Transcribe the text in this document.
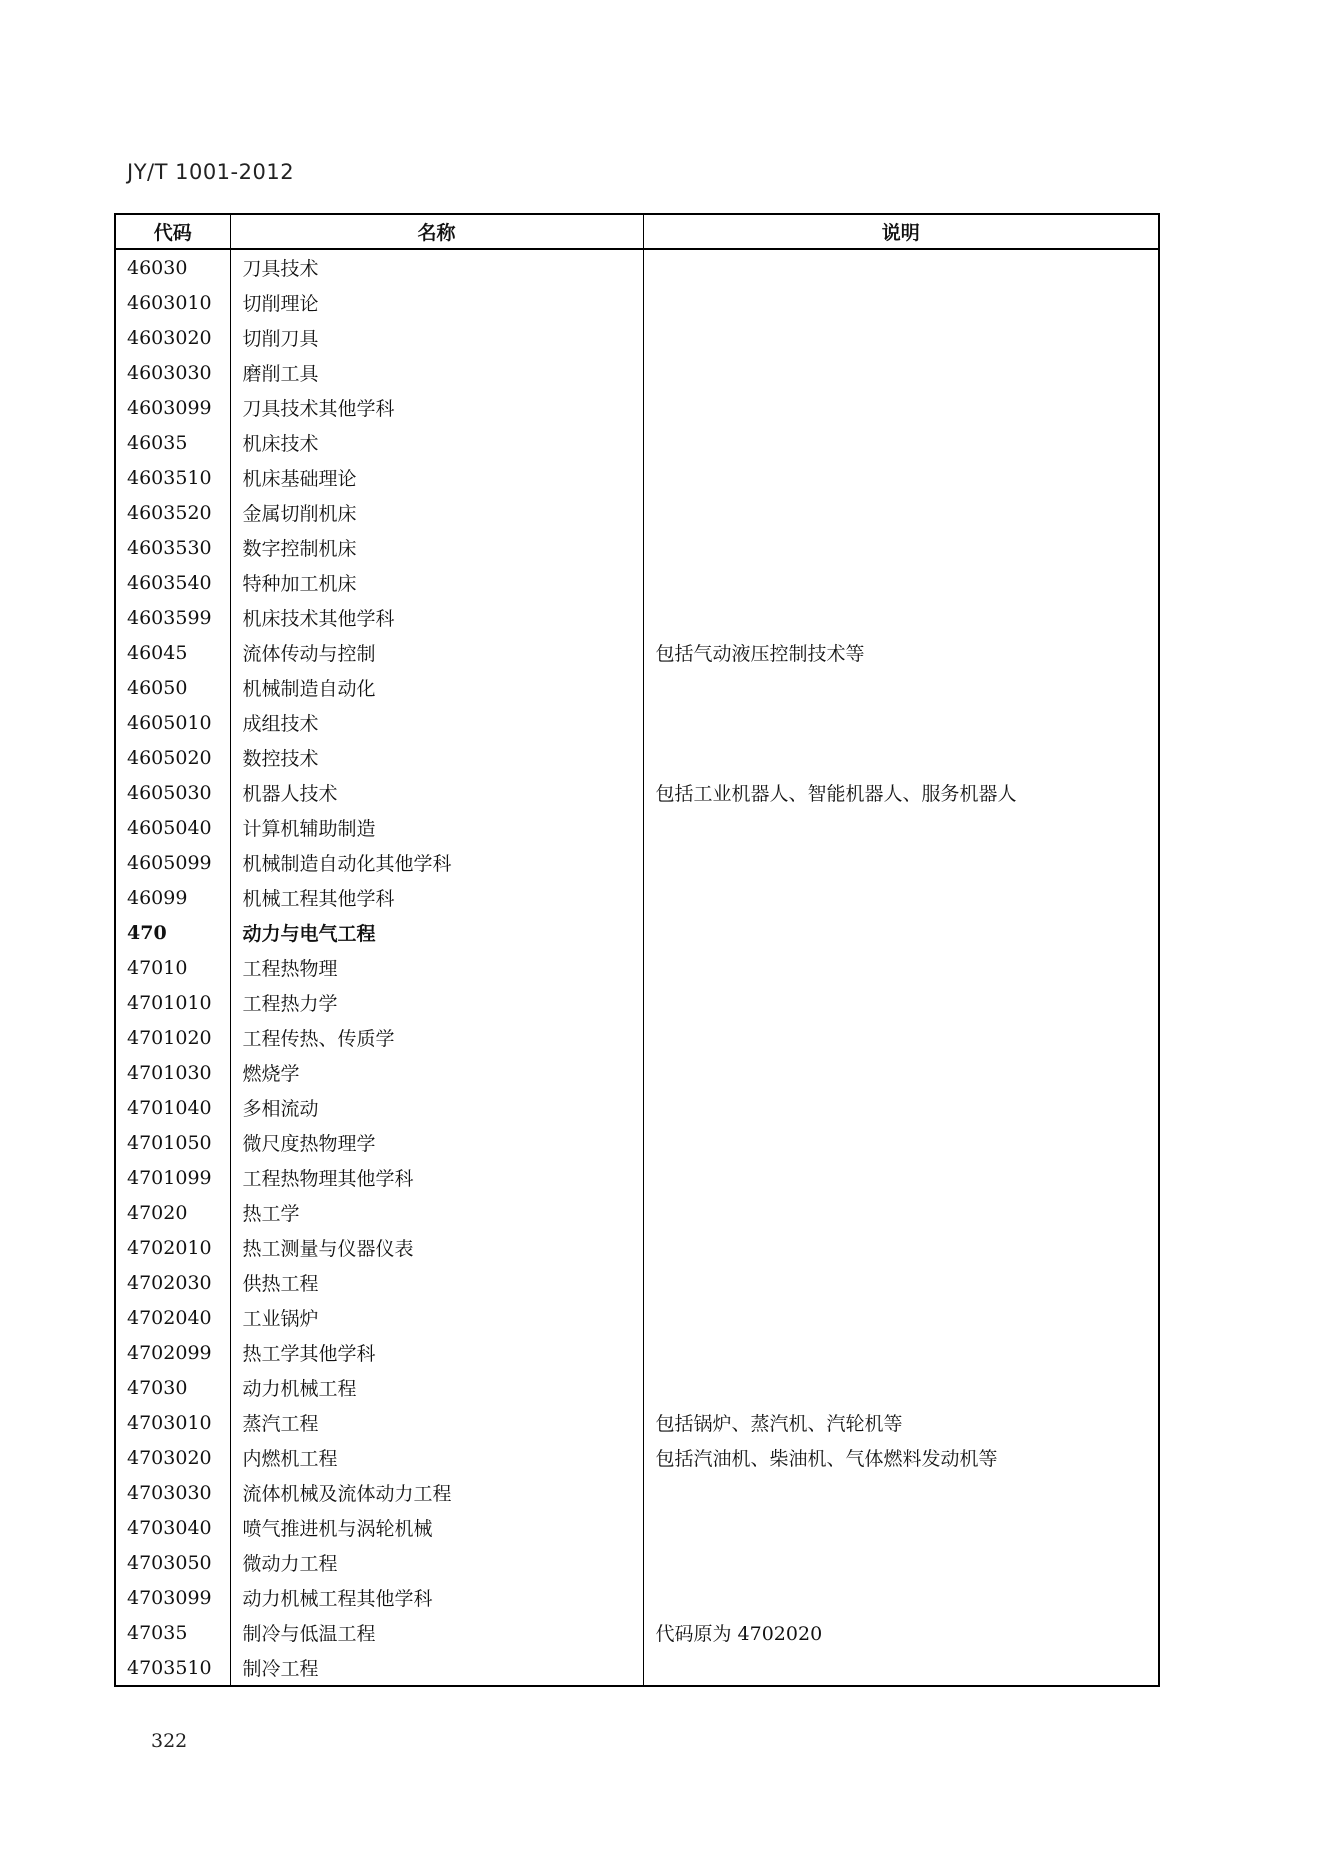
JY/T 1001-2012
代码	名称	说明
46030	刀具技术	
4603010	切削理论	
4603020	切削刀具	
4603030	磨削工具	
4603099	刀具技术其他学科	
46035	机床技术	
4603510	机床基础理论	
4603520	金属切削机床	
4603530	数字控制机床	
4603540	特种加工机床	
4603599	机床技术其他学科	
46045	流体传动与控制	包括气动液压控制技术等
46050	机械制造自动化	
4605010	成组技术	
4605020	数控技术	
4605030	机器人技术	包括工业机器人、智能机器人、服务机器人
4605040	计算机辅助制造	
4605099	机械制造自动化其他学科	
46099	机械工程其他学科	
470	动力与电气工程	
47010	工程热物理	
4701010	工程热力学	
4701020	工程传热、传质学	
4701030	燃烧学	
4701040	多相流动	
4701050	微尺度热物理学	
4701099	工程热物理其他学科	
47020	热工学	
4702010	热工测量与仪器仪表	
4702030	供热工程	
4702040	工业锅炉	
4702099	热工学其他学科	
47030	动力机械工程	
4703010	蒸汽工程	包括锅炉、蒸汽机、汽轮机等
4703020	内燃机工程	包括汽油机、柴油机、气体燃料发动机等
4703030	流体机械及流体动力工程	
4703040	喷气推进机与涡轮机械	
4703050	微动力工程	
4703099	动力机械工程其他学科	
47035	制冷与低温工程	代码原为 4702020
4703510	制冷工程	
322
